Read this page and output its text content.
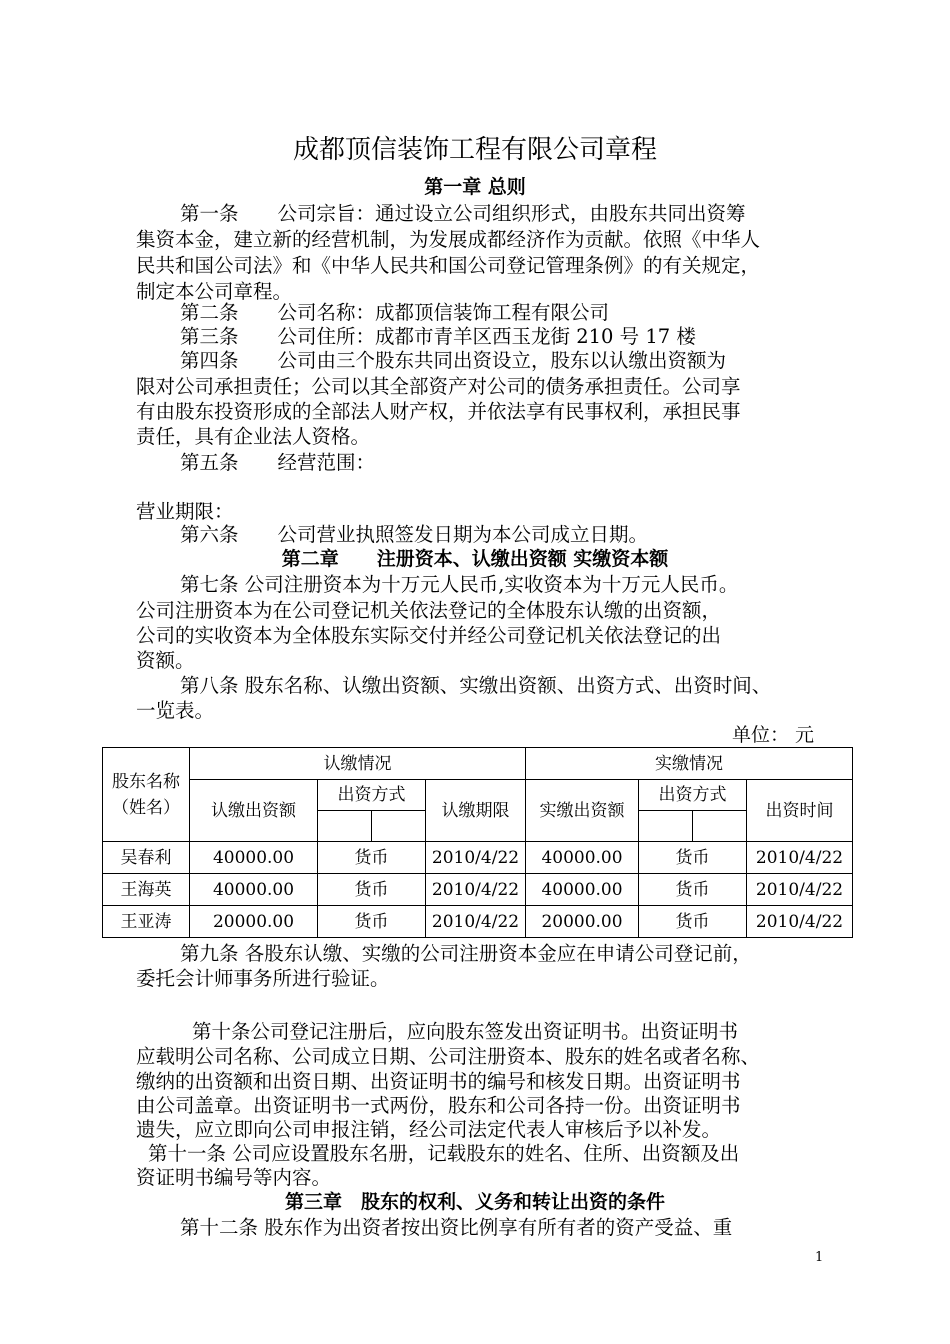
成都顶信装饰工程有限公司章程
第一章 总则
第一条　　公司宗旨：通过设立公司组织形式，由股东共同出资筹
集资本金，建立新的经营机制，为发展成都经济作为贡献。依照《中华人
民共和国公司法》和《中华人民共和国公司登记管理条例》的有关规定，
制定本公司章程。
第二条　　公司名称：成都顶信装饰工程有限公司
第三条　　公司住所：成都市青羊区西玉龙街 210 号 17 楼
第四条　　公司由三个股东共同出资设立，股东以认缴出资额为
限对公司承担责任；公司以其全部资产对公司的债务承担责任。公司享
有由股东投资形成的全部法人财产权，并依法享有民事权利，承担民事
责任，具有企业法人资格。
第五条　　经营范围：
营业期限：
第六条　　公司营业执照签发日期为本公司成立日期。
第二章　　注册资本、认缴出资额 实缴资本额
第七条 公司注册资本为十万元人民币,实收资本为十万元人民币。
公司注册资本为在公司登记机关依法登记的全体股东认缴的出资额，
公司的实收资本为全体股东实际交付并经公司登记机关依法登记的出
资额。
第八条 股东名称、认缴出资额、实缴出资额、出资方式、出资时间、
一览表。
单位： 元
股东名称（姓名）	认缴情况				实缴情况			
	认缴出资额	出资方式		认缴期限	实缴出资额	出资方式		出资时间

吴春利	40000.00	货币		2010/4/22	40000.00	货币		2010/4/22
王海英	40000.00	货币		2010/4/22	40000.00	货币		2010/4/22
王亚涛	20000.00	货币		2010/4/22	20000.00	货币		2010/4/22
第九条 各股东认缴、实缴的公司注册资本金应在申请公司登记前，
委托会计师事务所进行验证。
第十条公司登记注册后，应向股东签发出资证明书。出资证明书
应载明公司名称、公司成立日期、公司注册资本、股东的姓名或者名称、
缴纳的出资额和出资日期、出资证明书的编号和核发日期。出资证明书
由公司盖章。出资证明书一式两份，股东和公司各持一份。出资证明书
遗失，应立即向公司申报注销，经公司法定代表人审核后予以补发。
第十一条 公司应设置股东名册，记载股东的姓名、住所、出资额及出
资证明书编号等内容。
第三章　股东的权利、义务和转让出资的条件
第十二条 股东作为出资者按出资比例享有所有者的资产受益、重
1
